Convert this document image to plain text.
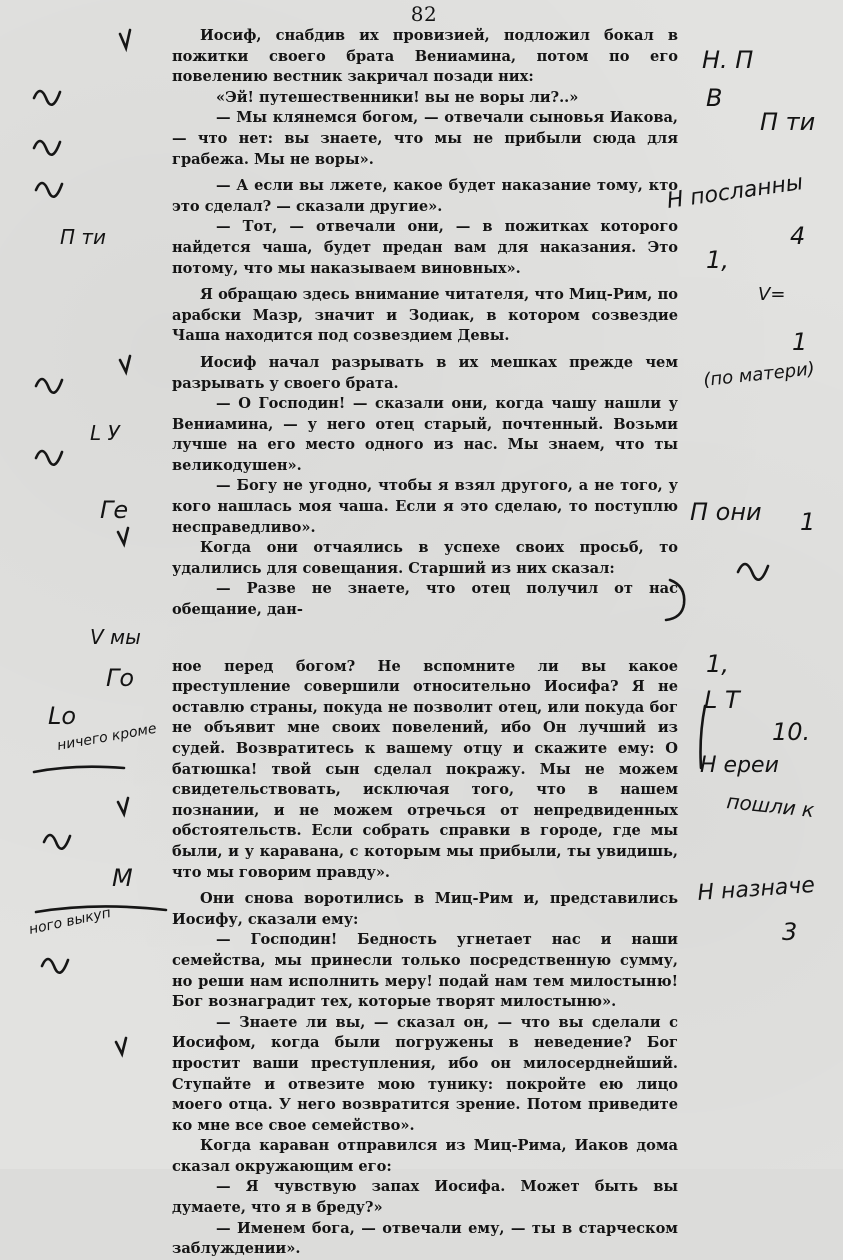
82

Иосиф, снабдив их провизией, подложил бокал в пожитки своего брата Вениамина, потом по его повелению вестник закричал позади них:

«Эй! путешественники! вы не воры ли?..»

— Мы клянемся богом, — отвечали сыновья Иакова, — что нет: вы знаете, что мы не прибыли сюда для грабежа. Мы не воры».

— А если вы лжете, какое будет наказание тому, кто это сделал? — сказали другие».

— Тот, — отвечали они, — в пожитках которого найдется чаша, будет предан вам для наказания. Это потому, что мы наказываем виновных».

Я обращаю здесь внимание читателя, что Миц-Рим, по арабски Мазр, значит и Зодиак, в котором созвездие Чаша находится под созвездием Девы.

Иосиф начал разрывать в их мешках прежде чем разрывать у своего брата.

— О Господин! — сказали они, когда чашу нашли у Вениамина, — у него отец старый, почтенный. Возьми лучше на его место одного из нас. Мы знаем, что ты великодушен».

— Богу не угодно, чтобы я взял другого, а не того, у кого нашлась моя чаша. Если я это сделаю, то поступлю несправедливо».

Когда они отчаялись в успехе своих просьб, то удалились для совещания. Старший из них сказал:

— Разве не знаете, что отец получил от нас обещание, дан-

ное перед богом? Не вспомните ли вы какое преступление совершили относительно Иосифа? Я не оставлю страны, покуда не позволит отец, или покуда бог не объявит мне своих повелений, ибо Он лучший из судей. Возвратитесь к вашему отцу и скажите ему: О батюшка! твой сын сделал покражу. Мы не можем свидетельствовать, исключая того, что в нашем познании, и не можем отречься от непредвиденных обстоятельств. Если собрать справки в городе, где мы были, и у каравана, с которым мы прибыли, ты увидишь, что мы говорим правду».

Они снова воротились в Миц-Рим и, представились Иосифу, сказали ему:

— Господин! Бедность угнетает нас и наши семейства, мы принесли только посредственную сумму, но реши нам исполнить меру! подай нам тем милостыню! Бог вознаградит тех, которые творят милостыню».

— Знаете ли вы, — сказал он, — что вы сделали с Иосифом, когда были погружены в неведение? Бог простит ваши преступления, ибо он милосерднейший. Ступайте и отвезите мою тунику: покройте ею лицо моего отца. У него возвратится зрение. Потом приведите ко мне все свое семейство».

Когда караван отправился из Миц-Рима, Иаков дома сказал окружающим его:

— Я чувствую запах Иосифа. Может быть вы думаете, что я в бреду?»

— Именем бога, — отвечали ему, — ты в старческом заблуждении».

Н. П
В
П ти
Н посланны
4
1,
V=
1
(по матери)
П они 1
1,
L Т
10.
Н ереи
пошли к
Н назначе
3
П ти
L У
Ге
V мы
Го
Lо
ничего кроме
М
ного выкуп
